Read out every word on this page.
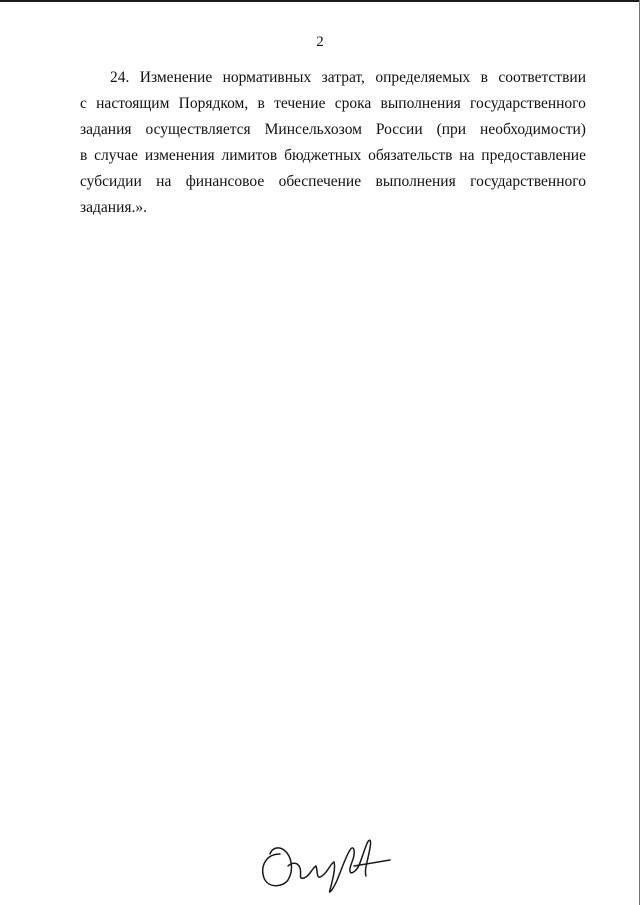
2
24. Изменение нормативных затрат, определяемых в соответствии
с настоящим Порядком, в течение срока выполнения государственного
задания осуществляется Минсельхозом России (при необходимости)
в случае изменения лимитов бюджетных обязательств на предоставление
субсидии на финансовое обеспечение выполнения государственного
задания.».
